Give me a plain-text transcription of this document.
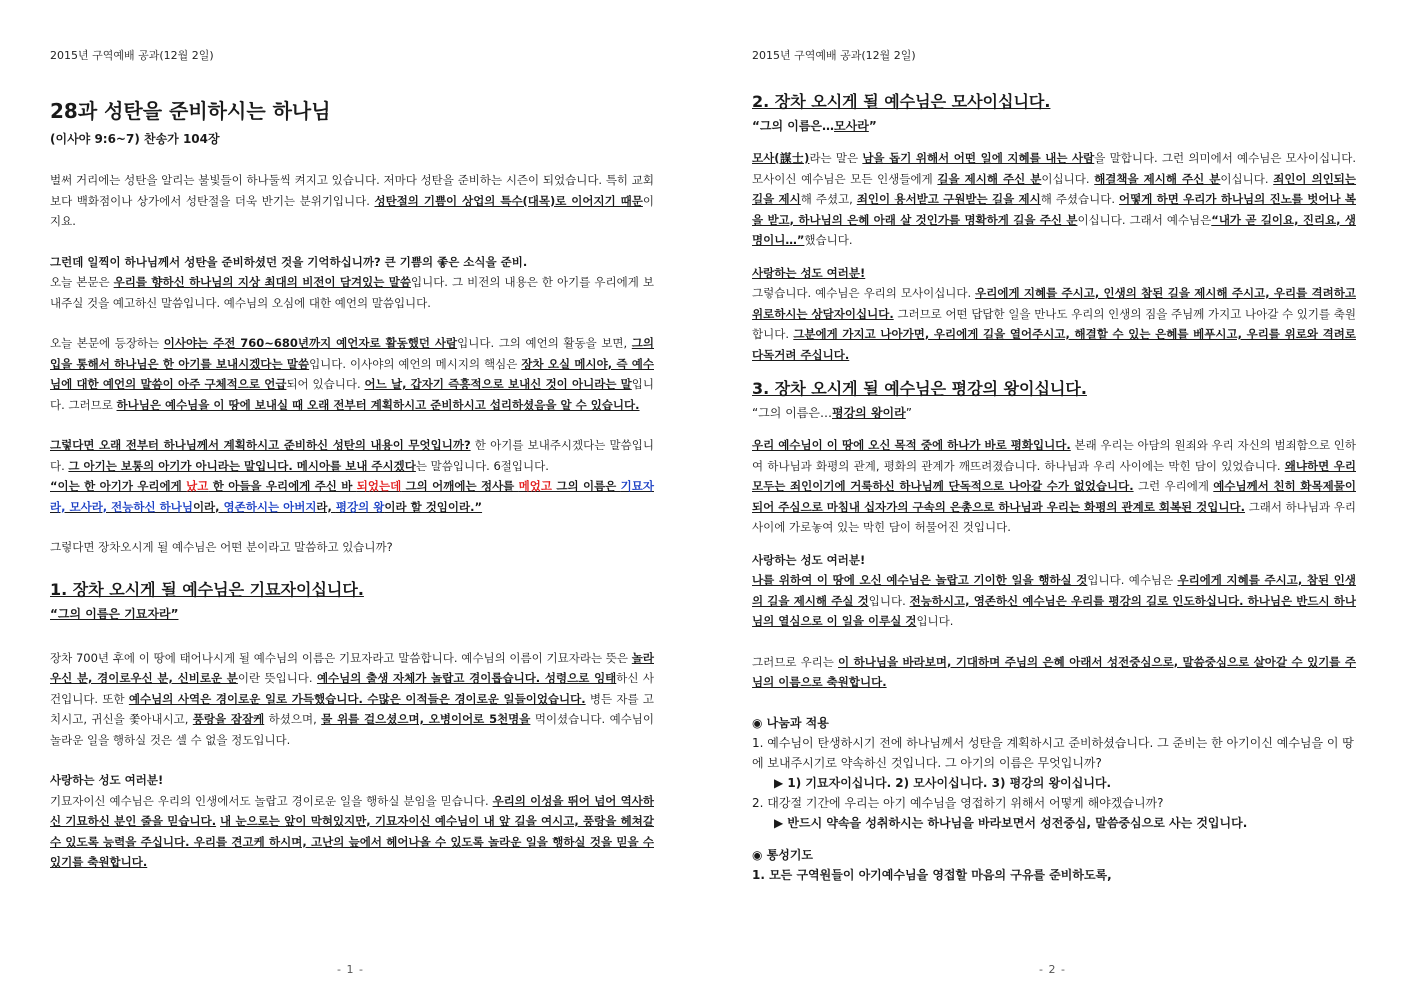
2015년 구역예배 공과(12월 2일)
28과 성탄을 준비하시는 하나님
(이사야 9:6~7) 찬송가 104장

벌써 거리에는 성탄을 알리는 불빛들이 하나둘씩 켜지고 있습니다. 저마다 성탄을 준비하는 시즌이 되었습니다. 특히 교회보다 백화점이나 상가에서 성탄절을 더욱 반기는 분위기입니다. 성탄절의 기쁨이 상업의 특수(대목)로 이어지기 때문이지요.

그런데 일찍이 하나님께서 성탄을 준비하셨던 것을 기억하십니까? 큰 기쁨의 좋은 소식을 준비.
오늘 본문은 우리를 향하신 하나님의 지상 최대의 비전이 담겨있는 말씀입니다. 그 비전의 내용은 한 아기를 우리에게 보내주실 것을 예고하신 말씀입니다. 예수님의 오심에 대한 예언의 말씀입니다.

오늘 본문에 등장하는 이사야는 주전 760~680년까지 예언자로 활동했던 사람입니다. 그의 예언의 활동을 보면, 그의 입을 통해서 하나님은 한 아기를 보내시겠다는 말씀입니다. 이사야의 예언의 메시지의 핵심은 장차 오실 메시야, 즉 예수님에 대한 예언의 말씀이 아주 구체적으로 언급되어 있습니다. 어느 날, 갑자기 즉흥적으로 보내신 것이 아니라는 말입니다. 그러므로 하나님은 예수님을 이 땅에 보내실 때 오래 전부터 계획하시고 준비하시고 섭리하셨음을 알 수 있습니다.

그렇다면 오래 전부터 하나님께서 계획하시고 준비하신 성탄의 내용이 무엇입니까? 한 아기를 보내주시겠다는 말씀입니다. 그 아기는 보통의 아기가 아니라는 말입니다. 메시아를 보내 주시겠다는 말씀입니다. 6절입니다.
“이는 한 아기가 우리에게 났고 한 아들을 우리에게 주신 바 되었는데 그의 어깨에는 정사를 메었고 그의 이름은 기묘자라, 모사라, 전능하신 하나님이라, 영존하시는 아버지라, 평강의 왕이라 할 것임이라.”

그렇다면 장차오시게 될 예수님은 어떤 분이라고 말씀하고 있습니까?

1. 장차 오시게 될 예수님은 기묘자이십니다.
“그의 이름은 기묘자라”

장차 700년 후에 이 땅에 태어나시게 될 예수님의 이름은 기묘자라고 말씀합니다. 예수님의 이름이 기묘자라는 뜻은 놀라우신 분, 경이로우신 분, 신비로운 분이란 뜻입니다. 예수님의 출생 자체가 놀랍고 경이롭습니다. 성령으로 잉태하신 사건입니다. 또한 예수님의 사역은 경이로운 일로 가득했습니다. 수많은 이적들은 경이로운 일들이었습니다. 병든 자를 고치시고, 귀신을 쫓아내시고, 풍랑을 잠잠케 하셨으며, 물 위를 걸으셨으며, 오병이어로 5천명을 먹이셨습니다. 예수님이 놀라운 일을 행하실 것은 셀 수 없을 정도입니다.

사랑하는 성도 여러분!
기묘자이신 예수님은 우리의 인생에서도 놀랍고 경이로운 일을 행하실 분임을 믿습니다. 우리의 이성을 뛰어 넘어 역사하신 기묘하신 분인 줄을 믿습니다. 내 눈으로는 앞이 막혀있지만, 기묘자이신 예수님이 내 앞 길을 여시고, 풍랑을 헤쳐갈 수 있도록 능력을 주십니다. 우리를 견고케 하시며, 고난의 늪에서 헤어나올 수 있도록 놀라운 일을 행하실 것을 믿을 수 있기를 축원합니다.

- 1 -
2015년 구역예배 공과(12월 2일)
2. 장차 오시게 될 예수님은 모사이십니다.
“그의 이름은…모사라”

모사(謀士)라는 말은 남을 돕기 위해서 어떤 일에 지혜를 내는 사람을 말합니다. 그런 의미에서 예수님은 모사이십니다. 모사이신 예수님은 모든 인생들에게 길을 제시해 주신 분이십니다. 해결책을 제시해 주신 분이십니다. 죄인이 의인되는 길을 제시해 주셨고, 죄인이 용서받고 구원받는 길을 제시해 주셨습니다. 어떻게 하면 우리가 하나님의 진노를 벗어나 복을 받고, 하나님의 은혜 아래 살 것인가를 명확하게 길을 주신 분이십니다. 그래서 예수님은“내가 곧 길이요, 진리요, 생명이니…”했습니다.

사랑하는 성도 여러분!
그렇습니다. 예수님은 우리의 모사이십니다. 우리에게 지혜를 주시고, 인생의 참된 길을 제시해 주시고, 우리를 격려하고 위로하시는 상담자이십니다. 그러므로 어떤 답답한 일을 만나도 우리의 인생의 짐을 주님께 가지고 나아갈 수 있기를 축원합니다. 그분에게 가지고 나아가면, 우리에게 길을 열어주시고, 해결할 수 있는 은혜를 베푸시고, 우리를 위로와 격려로 다독거려 주십니다.

3. 장차 오시게 될 예수님은 평강의 왕이십니다.
“그의 이름은…평강의 왕이라”

우리 예수님이 이 땅에 오신 목적 중에 하나가 바로 평화입니다. 본래 우리는 아담의 원죄와 우리 자신의 범죄함으로 인하여 하나님과 화평의 관계, 평화의 관계가 깨뜨려졌습니다. 하나님과 우리 사이에는 막힌 담이 있었습니다. 왜냐하면 우리 모두는 죄인이기에 거룩하신 하나님께 단독적으로 나아갈 수가 없었습니다. 그런 우리에게 예수님께서 친히 화목제물이 되어 주심으로 마침내 십자가의 구속의 은총으로 하나님과 우리는 화평의 관계로 회복된 것입니다. 그래서 하나님과 우리 사이에 가로놓여 있는 막힌 담이 허물어진 것입니다.

사랑하는 성도 여러분!
나를 위하여 이 땅에 오신 예수님은 놀랍고 기이한 일을 행하실 것입니다. 예수님은 우리에게 지혜를 주시고, 참된 인생의 길을 제시해 주실 것입니다. 전능하시고, 영존하신 예수님은 우리를 평강의 길로 인도하십니다. 하나님은 반드시 하나님의 열심으로 이 일을 이루실 것입니다.

그러므로 우리는 이 하나님을 바라보며, 기대하며 주님의 은혜 아래서 성전중심으로, 말씀중심으로 살아갈 수 있기를 주님의 이름으로 축원합니다.

◉ 나눔과 적용
1. 예수님이 탄생하시기 전에 하나님께서 성탄을 계획하시고 준비하셨습니다. 그 준비는 한 아기이신 예수님을 이 땅에 보내주시기로 약속하신 것입니다. 그 아기의 이름은 무엇입니까?
▶ 1) 기묘자이십니다. 2) 모사이십니다. 3) 평강의 왕이십니다.
2. 대강절 기간에 우리는 아기 예수님을 영접하기 위해서 어떻게 해야겠습니까?
▶ 반드시 약속을 성취하시는 하나님을 바라보면서 성전중심, 말씀중심으로 사는 것입니다.
◉ 통성기도
1. 모든 구역원들이 아기예수님을 영접할 마음의 구유를 준비하도록,
- 2 -
